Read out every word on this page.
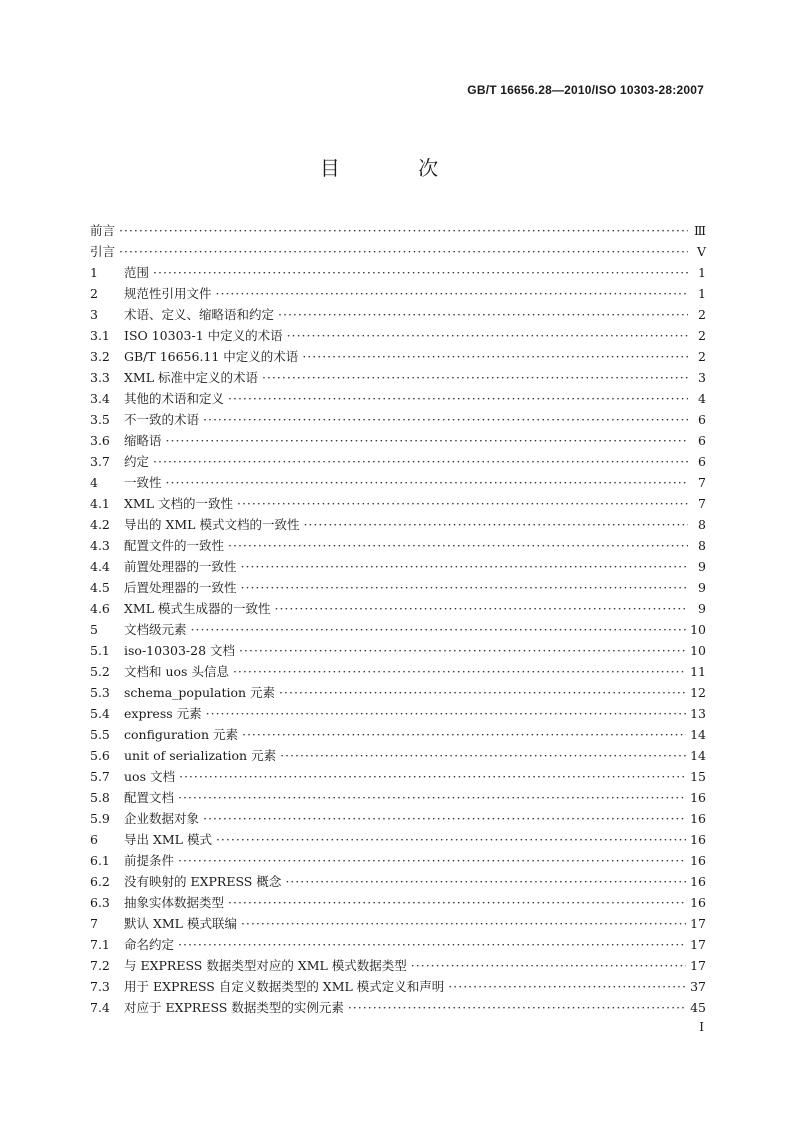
GB/T 16656.28—2010/ISO 10303-28:2007
目 次
前言 ·····	Ⅲ
引言 ·····	Ⅴ
1	范围 ·····	1
2	规范性引用文件 ·····	1
3	术语、定义、缩略语和约定 ·····	2
3.1	ISO 10303-1 中定义的术语 ·····	2
3.2	GB/T 16656.11 中定义的术语 ·····	2
3.3	XML 标准中定义的术语 ·····	3
3.4	其他的术语和定义 ·····	4
3.5	不一致的术语 ·····	6
3.6	缩略语 ·····	6
3.7	约定 ·····	6
4	一致性 ·····	7
4.1	XML 文档的一致性 ·····	7
4.2	导出的 XML 模式文档的一致性 ·····	8
4.3	配置文件的一致性 ·····	8
4.4	前置处理器的一致性 ·····	9
4.5	后置处理器的一致性 ·····	9
4.6	XML 模式生成器的一致性 ·····	9
5	文档级元素 ·····	10
5.1	iso-10303-28 文档 ·····	10
5.2	文档和 uos 头信息 ·····	11
5.3	schema_population 元素 ·····	12
5.4	express 元素 ·····	13
5.5	configuration 元素 ·····	14
5.6	unit of serialization 元素 ·····	14
5.7	uos 文档 ·····	15
5.8	配置文档 ·····	16
5.9	企业数据对象 ·····	16
6	导出 XML 模式 ·····	16
6.1	前提条件 ·····	16
6.2	没有映射的 EXPRESS 概念 ·····	16
6.3	抽象实体数据类型 ·····	16
7	默认 XML 模式联编 ·····	17
7.1	命名约定 ·····	17
7.2	与 EXPRESS 数据类型对应的 XML 模式数据类型 ·····	17
7.3	用于 EXPRESS 自定义数据类型的 XML 模式定义和声明 ·····	37
7.4	对应于 EXPRESS 数据类型的实例元素 ·····	45
Ⅰ
